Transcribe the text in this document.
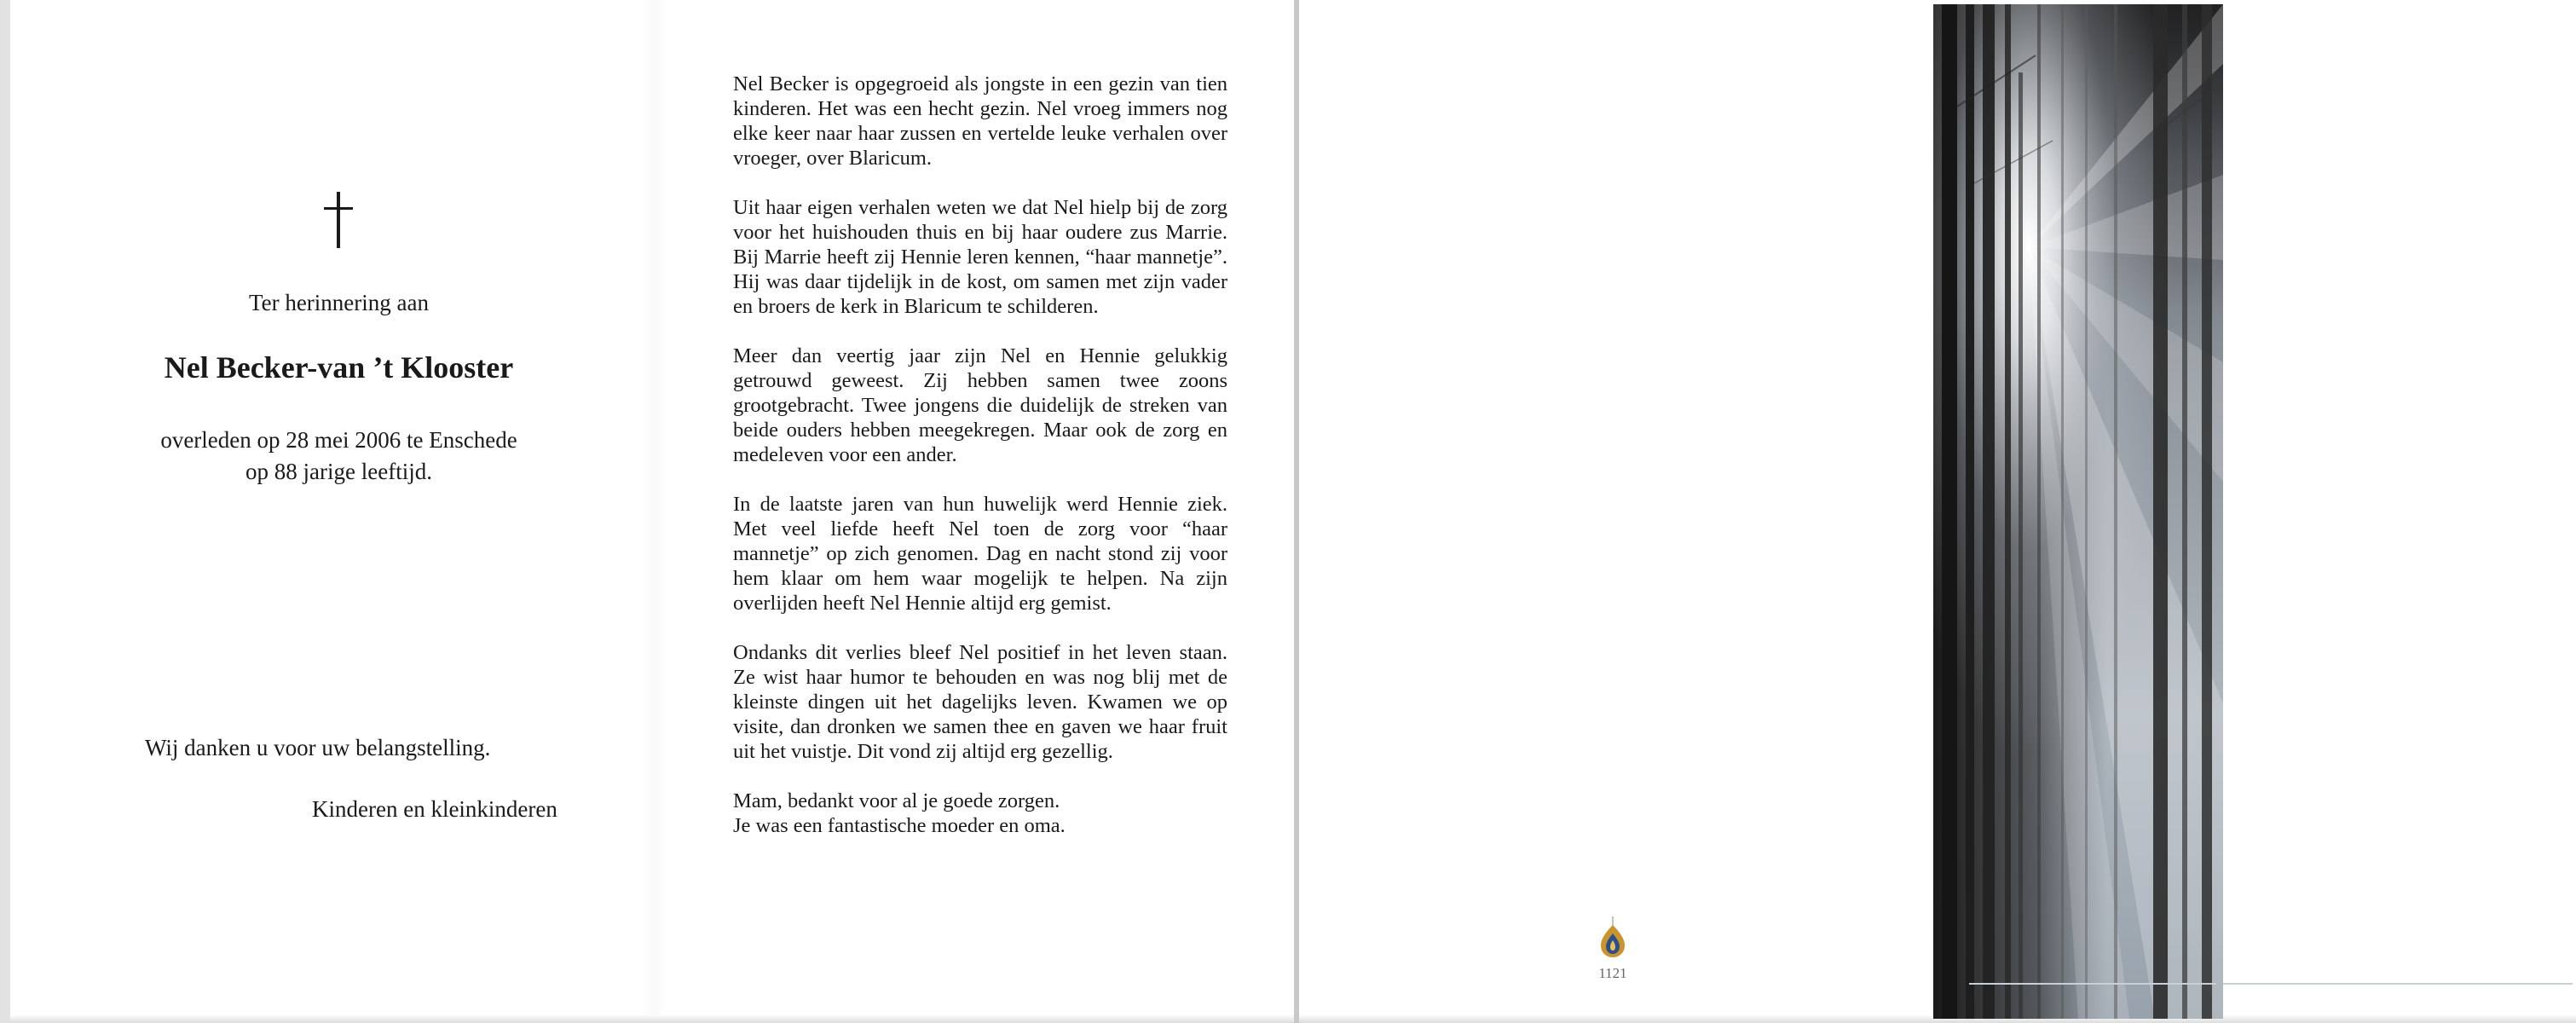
Ter herinnering aan
Nel Becker-van ’t Klooster
overleden op 28 mei 2006 te Enschede
op 88 jarige leeftijd.
Wij danken u voor uw belangstelling.
Kinderen en kleinkinderen

Nel Becker is opgegroeid als jongste in een gezin van tien kinderen. Het was een hecht gezin. Nel vroeg immers nog elke keer naar haar zussen en vertelde leuke verhalen over vroeger, over Blaricum.

Uit haar eigen verhalen weten we dat Nel hielp bij de zorg voor het huishouden thuis en bij haar oudere zus Marrie. Bij Marrie heeft zij Hennie leren kennen, “haar mannetje”. Hij was daar tijdelijk in de kost, om samen met zijn vader en broers de kerk in Blaricum te schilderen.

Meer dan veertig jaar zijn Nel en Hennie gelukkig getrouwd geweest. Zij hebben samen twee zoons grootgebracht. Twee jongens die duidelijk de streken van beide ouders hebben meegekregen. Maar ook de zorg en medeleven voor een ander.

In de laatste jaren van hun huwelijk werd Hennie ziek. Met veel liefde heeft Nel toen de zorg voor “haar mannetje” op zich genomen. Dag en nacht stond zij voor hem klaar om hem waar mogelijk te helpen. Na zijn overlijden heeft Nel Hennie altijd erg gemist.

Ondanks dit verlies bleef Nel positief in het leven staan. Ze wist haar humor te behouden en was nog blij met de kleinste dingen uit het dagelijks leven. Kwamen we op visite, dan dronken we samen thee en gaven we haar fruit uit het vuistje. Dit vond zij altijd erg gezellig.

Mam, bedankt voor al je goede zorgen.
Je was een fantastische moeder en oma.

1121
